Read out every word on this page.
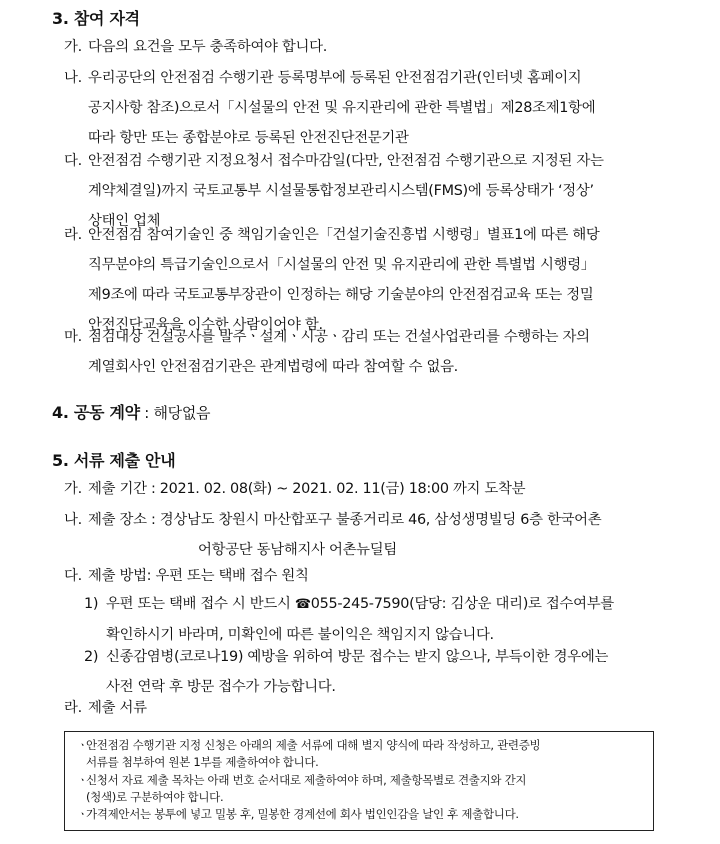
3. 참여 자격
가. 다음의 요건을 모두 충족하여야 합니다.
나. 우리공단의 안전점검 수행기관 등록명부에 등록된 안전점검기관(인터넷 홈페이지
공지사항 참조)으로서「시설물의 안전 및 유지관리에 관한 특별법」제28조제1항에
따라 항만 또는 종합분야로 등록된 안전진단전문기관
다. 안전점검 수행기관 지정요청서 접수마감일(다만, 안전점검 수행기관으로 지정된 자는
계약체결일)까지 국토교통부 시설물통합정보관리시스템(FMS)에 등록상태가 ‘정상’
상태인 업체
라. 안전점검 참여기술인 중 책임기술인은「건설기술진흥법 시행령」별표1에 따른 해당
직무분야의 특급기술인으로서「시설물의 안전 및 유지관리에 관한 특별법 시행령」
제9조에 따라 국토교통부장관이 인정하는 해당 기술분야의 안전점검교육 또는 정밀
안전진단교육을 이수한 사람이어야 함.
마. 점검대상 건설공사를 발주ㆍ설계ㆍ시공ㆍ감리 또는 건설사업관리를 수행하는 자의
계열회사인 안전점검기관은 관계법령에 따라 참여할 수 없음.
4. 공동 계약 : 해당없음
5. 서류 제출 안내
가. 제출 기간 : 2021. 02. 08(화) ~ 2021. 02. 11(금) 18:00 까지 도착분
나. 제출 장소 : 경상남도 창원시 마산합포구 불종거리로 46, 삼성생명빌딩 6층 한국어촌
어항공단 동남해지사 어촌뉴딜팀
다. 제출 방법: 우편 또는 택배 접수 원칙
1) 우편 또는 택배 접수 시 반드시 ☎055-245-7590(담당: 김상운 대리)로 접수여부를
확인하시기 바라며, 미확인에 따른 불이익은 책임지지 않습니다.
2) 신종감염병(코로나19) 예방을 위하여 방문 접수는 받지 않으나, 부득이한 경우에는
사전 연락 후 방문 접수가 가능합니다.
라. 제출 서류
ㆍ
안전점검 수행기관 지정 신청은 아래의 제출 서류에 대해 별지 양식에 따라 작성하고, 관련증빙
서류를 첨부하여 원본 1부를 제출하여야 합니다.
ㆍ
신청서 자료 제출 목차는 아래 번호 순서대로 제출하여야 하며, 제출항목별로 견출지와 간지
(청색)로 구분하여야 합니다.
ㆍ
가격제안서는 봉투에 넣고 밀봉 후, 밀봉한 경계선에 회사 법인인감을 날인 후 제출합니다.
